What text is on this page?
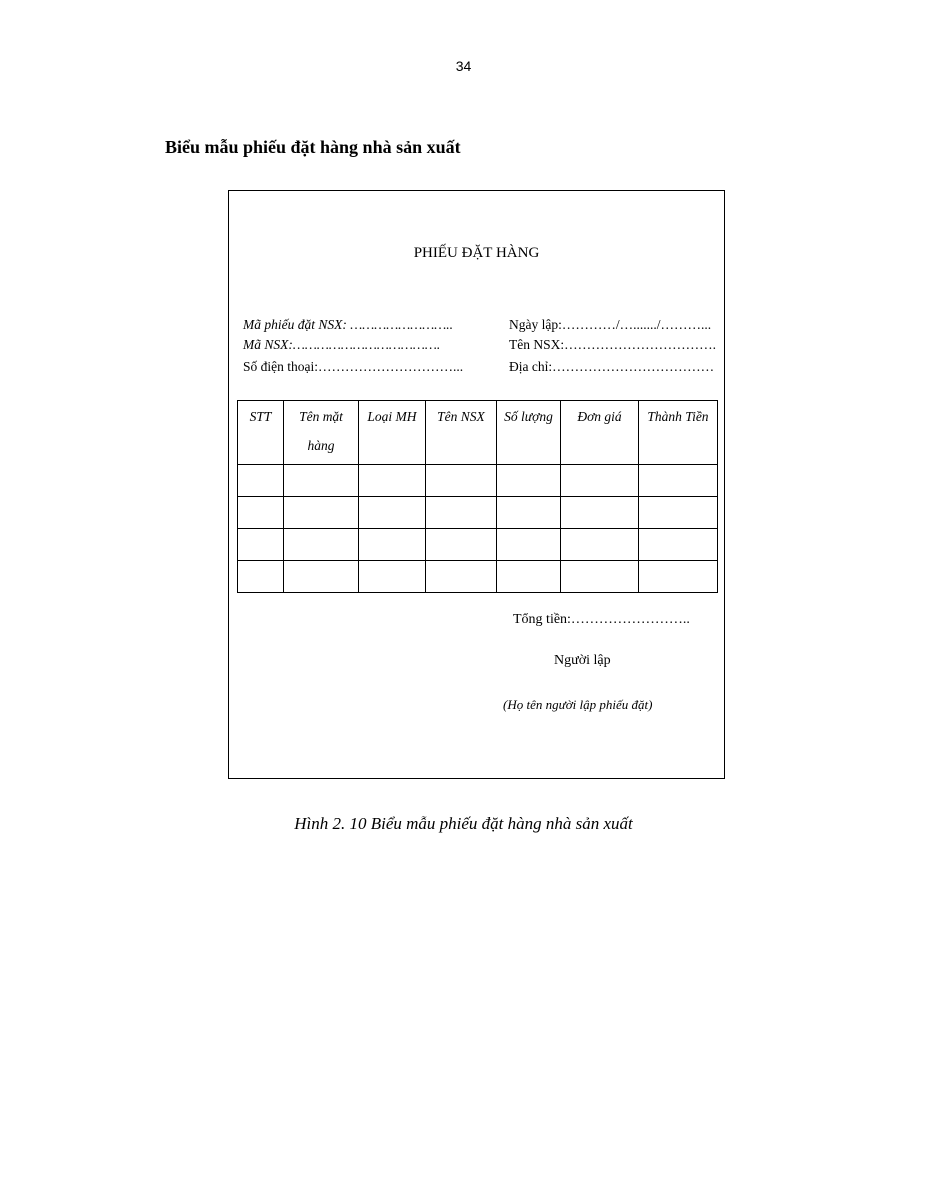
34
Biểu mẫu phiếu đặt hàng nhà sản xuất
PHIẾU ĐẶT HÀNG
Mã phiếu đặt NSX: ……………………..
Mã NSX:……………………………….
Số điện thoại:…………………………...
Ngày lập:…………/…......./………...
Tên NSX:…………………………….
Địa chỉ:………………………………
STT	Tên mặt hàng	Loại MH	Tên NSX	Số lượng	Đơn giá	Thành Tiền

Tổng tiền:……………………..
Người lập
(Họ tên người lập phiếu đặt)
Hình 2. 10 Biểu mẫu phiếu đặt hàng nhà sản xuất
